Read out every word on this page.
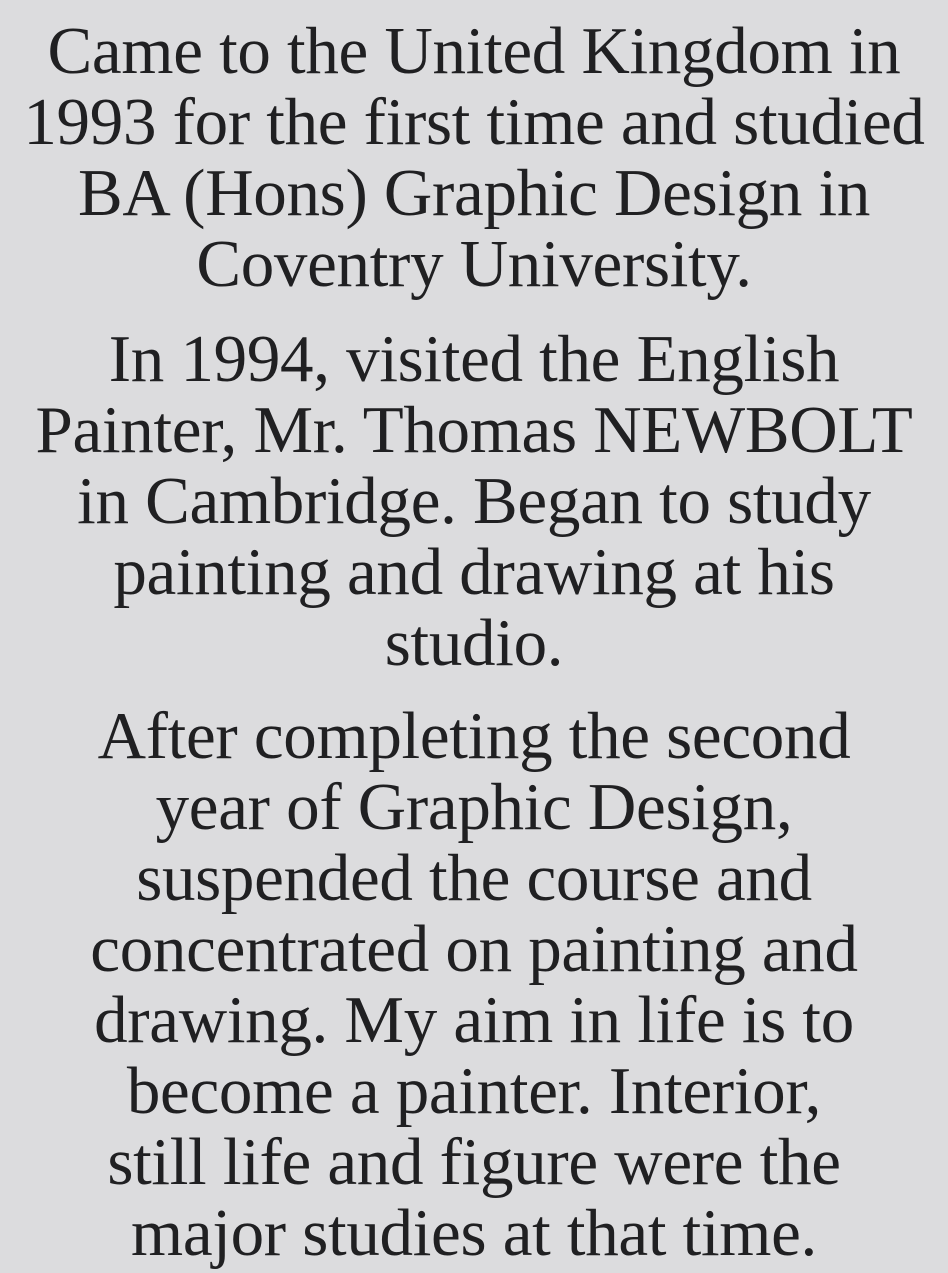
Came to the United Kingdom in
1993 for the first time and studied
BA (Hons) Graphic Design in
Coventry University.

In 1994, visited the English
Painter, Mr. Thomas NEWBOLT
in Cambridge. Began to study
painting and drawing at his
studio.

After completing the second
year of Graphic Design,
suspended the course and
concentrated on painting and
drawing. My aim in life is to
become a painter. Interior,
still life and figure were the
major studies at that time.
